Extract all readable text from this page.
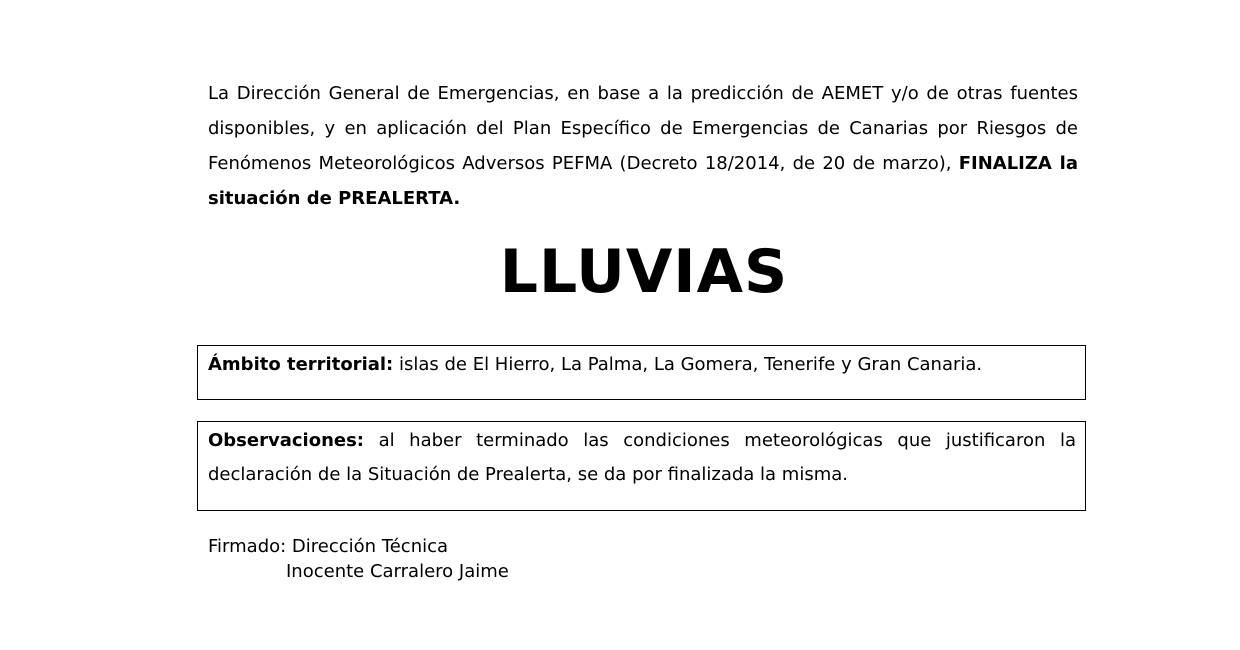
La Dirección General de Emergencias, en base a la predicción de AEMET y/o de otras fuentes disponibles, y en aplicación del Plan Específico de Emergencias de Canarias por Riesgos de Fenómenos Meteorológicos Adversos PEFMA (Decreto 18/2014, de 20 de marzo), FINALIZA la situación de PREALERTA.
LLUVIAS
Ámbito territorial: islas de El Hierro, La Palma, La Gomera, Tenerife y Gran Canaria.
Observaciones: al haber terminado las condiciones meteorológicas que justificaron la declaración de la Situación de Prealerta, se da por finalizada la misma.
Firmado: Dirección Técnica
Inocente Carralero Jaime
